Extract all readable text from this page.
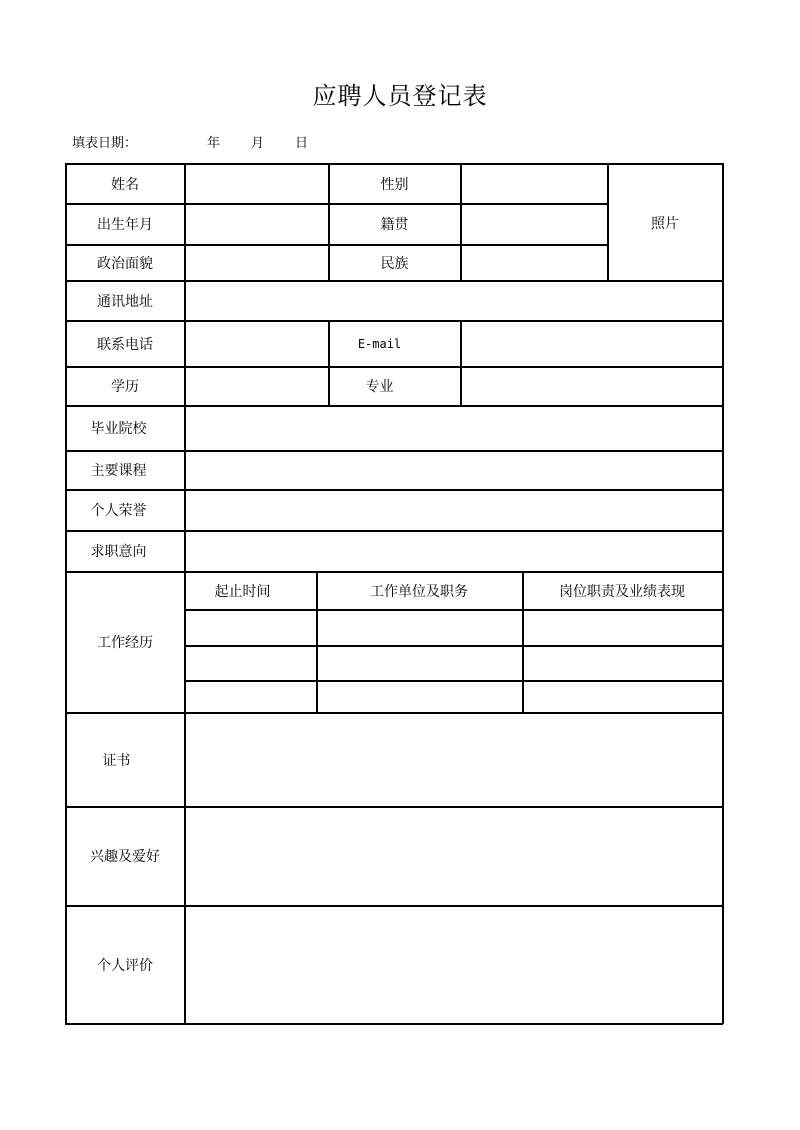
应聘人员登记表
填表日期：	年 月 日
姓名	性别
照片
出生年月	籍贯
政治面貌	民族
通讯地址
联系电话	E-mail
学历	专业
毕业院校
主要课程
个人荣誉
求职意向
工作经历
起止时间	工作单位及职务	岗位职责及业绩表现
证书
兴趣及爱好
个人评价
